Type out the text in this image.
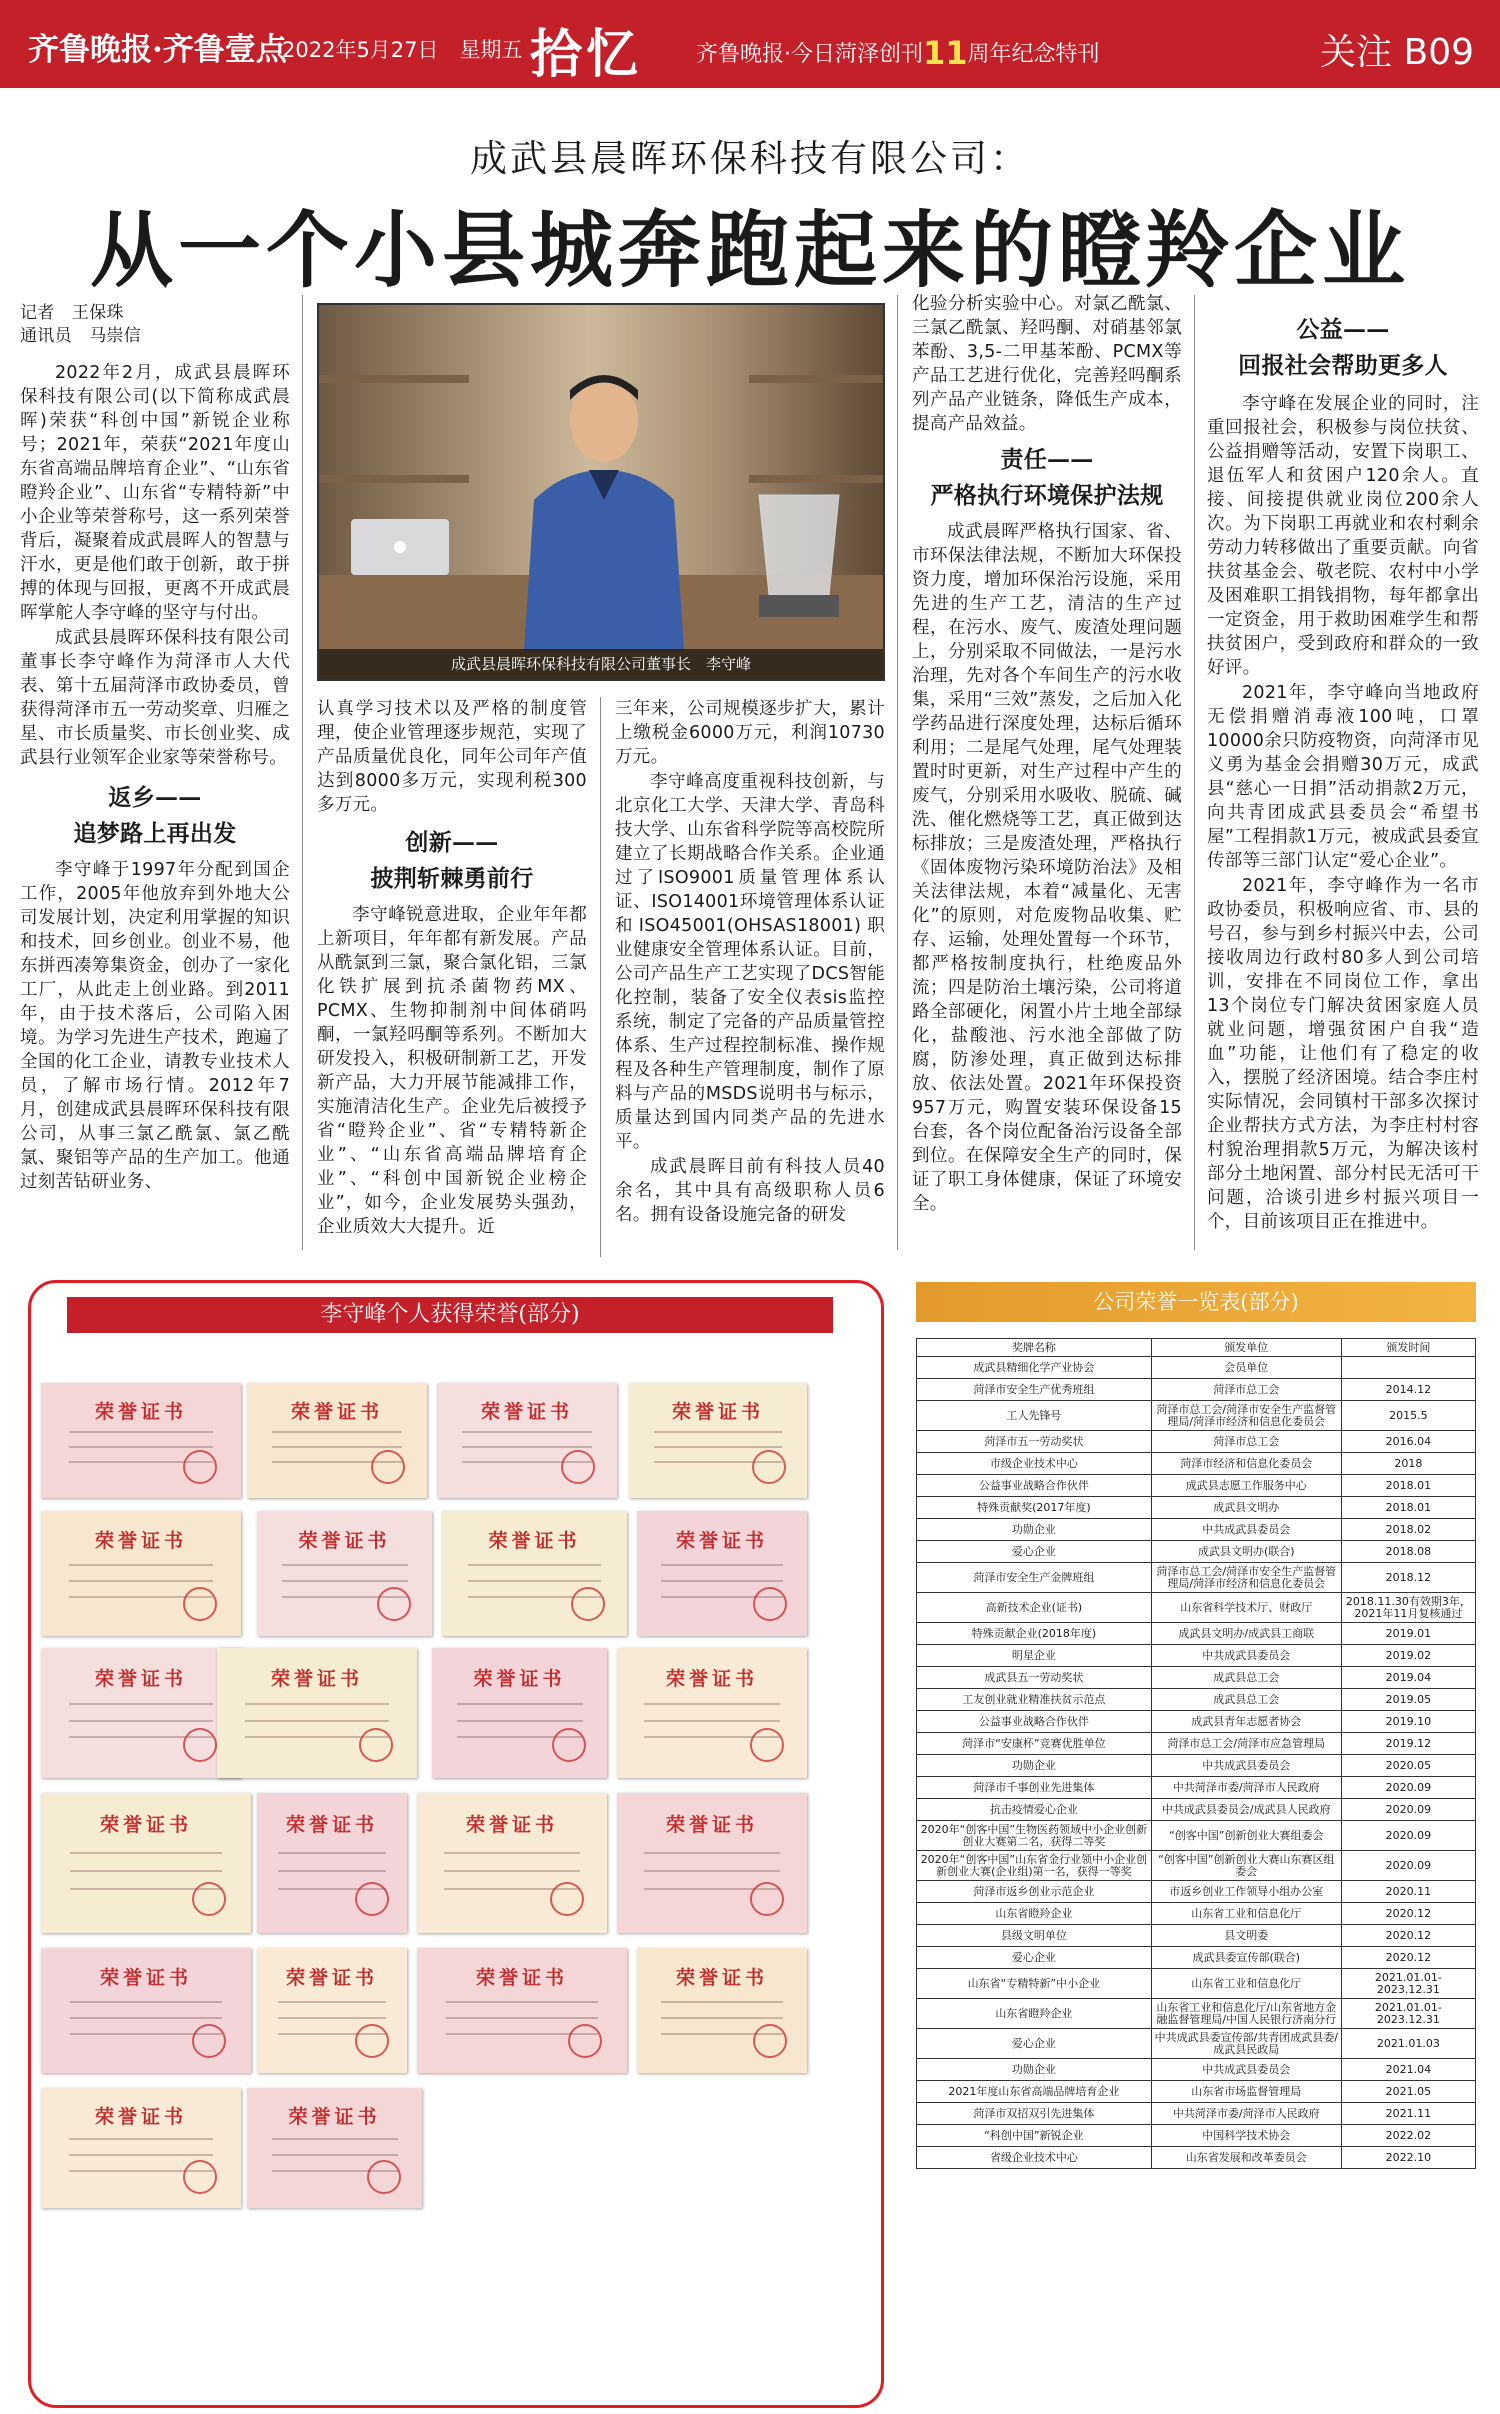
齐鲁晚报·齐鲁壹点
2022年5月27日　星期五 拾忆 齐鲁晚报·今日菏泽创刊11周年纪念特刊	关注 B09
成武县晨晖环保科技有限公司：
从一个小县城奔跑起来的瞪羚企业

记者　王保珠

通讯员　马崇信

2022年2月，成武县晨晖环保科技有限公司(以下简称成武晨晖)荣获“科创中国”新锐企业称号；2021年，荣获“2021年度山东省高端品牌培育企业”、“山东省瞪羚企业”、山东省“专精特新”中小企业等荣誉称号，这一系列荣誉背后，凝聚着成武晨晖人的智慧与汗水，更是他们敢于创新，敢于拼搏的体现与回报，更离不开成武晨晖掌舵人李守峰的坚守与付出。

成武县晨晖环保科技有限公司董事长李守峰作为菏泽市人大代表、第十五届菏泽市政协委员，曾获得菏泽市五一劳动奖章、归雁之星、市长质量奖、市长创业奖、成武县行业领军企业家等荣誉称号。

返乡——
追梦路上再出发

李守峰于1997年分配到国企工作，2005年他放弃到外地大公司发展计划，决定利用掌握的知识和技术，回乡创业。创业不易，他东拼西凑筹集资金，创办了一家化工厂，从此走上创业路。到2011年，由于技术落后，公司陷入困境。为学习先进生产技术，跑遍了全国的化工企业，请教专业技术人员，了解市场行情。2012年7月，创建成武县晨晖环保科技有限公司，从事三氯乙酰氯、氯乙酰氯、聚铝等产品的生产加工。他通过刻苦钻研业务、

成武县晨晖环保科技有限公司董事长　李守峰

认真学习技术以及严格的制度管理，使企业管理逐步规范，实现了产品质量优良化，同年公司年产值达到8000多万元，实现利税300多万元。

创新——
披荆斩棘勇前行

李守峰锐意进取，企业年年都上新项目，年年都有新发展。产品从酰氯到三氯，聚合氯化铝，三氯化铁扩展到抗杀菌物药MX、PCMX、生物抑制剂中间体硝吗酮，一氯羟吗酮等系列。不断加大研发投入，积极研制新工艺，开发新产品，大力开展节能减排工作，实施清洁化生产。企业先后被授予省“瞪羚企业”、省“专精特新企业”、“山东省高端品牌培育企业”、“科创中国新锐企业榜企业”，如今，企业发展势头强劲，企业质效大大提升。近

三年来，公司规模逐步扩大，累计上缴税金6000万元，利润10730万元。

李守峰高度重视科技创新，与北京化工大学、天津大学、青岛科技大学、山东省科学院等高校院所建立了长期战略合作关系。企业通过了ISO9001质量管理体系认证、ISO14001环境管理体系认证和ISO45001(OHSAS18001)职业健康安全管理体系认证。目前，公司产品生产工艺实现了DCS智能化控制，装备了安全仪表sis监控系统，制定了完备的产品质量管控体系、生产过程控制标准、操作规程及各种生产管理制度，制作了原料与产品的MSDS说明书与标示，质量达到国内同类产品的先进水平。

成武晨晖目前有科技人员40余名，其中具有高级职称人员6名。拥有设备设施完备的研发

化验分析实验中心。对氯乙酰氯、三氯乙酰氯、羟吗酮、对硝基邻氯苯酚、3,5-二甲基苯酚、PCMX等产品工艺进行优化，完善羟吗酮系列产品产业链条，降低生产成本，提高产品效益。

责任——
严格执行环境保护法规

成武晨晖严格执行国家、省、市环保法律法规，不断加大环保投资力度，增加环保治污设施，采用先进的生产工艺，清洁的生产过程，在污水、废气、废渣处理问题上，分别采取不同做法，一是污水治理，先对各个车间生产的污水收集，采用“三效”蒸发，之后加入化学药品进行深度处理，达标后循环利用；二是尾气处理，尾气处理装置时时更新，对生产过程中产生的废气，分别采用水吸收、脱硫、碱洗、催化燃烧等工艺，真正做到达标排放；三是废渣处理，严格执行《固体废物污染环境防治法》及相关法律法规，本着“减量化、无害化”的原则，对危废物品收集、贮存、运输，处理处置每一个环节，都严格按制度执行，杜绝废品外流；四是防治土壤污染，公司将道路全部硬化，闲置小片土地全部绿化，盐酸池、污水池全部做了防腐，防渗处理，真正做到达标排放、依法处置。2021年环保投资957万元，购置安装环保设备15台套，各个岗位配备治污设备全部到位。在保障安全生产的同时，保证了职工身体健康，保证了环境安全。

公益——
回报社会帮助更多人

李守峰在发展企业的同时，注重回报社会，积极参与岗位扶贫、公益捐赠等活动，安置下岗职工、退伍军人和贫困户120余人。直接、间接提供就业岗位200余人次。为下岗职工再就业和农村剩余劳动力转移做出了重要贡献。向省扶贫基金会、敬老院、农村中小学及困难职工捐钱捐物，每年都拿出一定资金，用于救助困难学生和帮扶贫困户，受到政府和群众的一致好评。

2021年，李守峰向当地政府无偿捐赠消毒液100吨，口罩10000余只防疫物资，向菏泽市见义勇为基金会捐赠30万元，成武县“慈心一日捐”活动捐款2万元，向共青团成武县委员会“希望书屋”工程捐款1万元，被成武县委宣传部等三部门认定“爱心企业”。

2021年，李守峰作为一名市政协委员，积极响应省、市、县的号召，参与到乡村振兴中去，公司接收周边行政村80多人到公司培训，安排在不同岗位工作，拿出13个岗位专门解决贫困家庭人员就业问题，增强贫困户自我“造血”功能，让他们有了稳定的收入，摆脱了经济困境。结合李庄村实际情况，会同镇村干部多次探讨企业帮扶方式方法，为李庄村村容村貌治理捐款5万元，为解决该村部分土地闲置、部分村民无活可干问题，洽谈引进乡村振兴项目一个，目前该项目正在推进中。

李守峰个人获得荣誉(部分)
荣誉证书	荣誉证书	荣誉证书	荣誉证书
荣誉证书	荣誉证书	荣誉证书	荣誉证书
荣誉证书	荣誉证书	荣誉证书	荣誉证书
荣誉证书	荣誉证书	荣誉证书	荣誉证书
荣誉证书	荣誉证书	荣誉证书	荣誉证书
荣誉证书	荣誉证书
公司荣誉一览表(部分)
奖牌名称	颁发单位	颁发时间
成武县精细化学产业协会	会员单位	
菏泽市安全生产优秀班组	菏泽市总工会	2014.12
工人先锋号	菏泽市总工会/菏泽市安全生产监督管理局/菏泽市经济和信息化委员会	2015.5
菏泽市五一劳动奖状	菏泽市总工会	2016.04
市级企业技术中心	菏泽市经济和信息化委员会	2018
公益事业战略合作伙伴	成武县志愿工作服务中心	2018.01
特殊贡献奖(2017年度)	成武县文明办	2018.01
功勋企业	中共成武县委员会	2018.02
爱心企业	成武县文明办(联合)	2018.08
菏泽市安全生产金牌班组	菏泽市总工会/菏泽市安全生产监督管理局/菏泽市经济和信息化委员会	2018.12
高新技术企业(证书)	山东省科学技术厅、财政厅	2018.11.30有效期3年，2021年11月复核通过
特殊贡献企业(2018年度)	成武县文明办/成武县工商联	2019.01
明星企业	中共成武县委员会	2019.02
成武县五一劳动奖状	成武县总工会	2019.04
工友创业就业精准扶贫示范点	成武县总工会	2019.05
公益事业战略合作伙伴	成武县青年志愿者协会	2019.10
菏泽市“安康杯”竞赛优胜单位	菏泽市总工会/菏泽市应急管理局	2019.12
功勋企业	中共成武县委员会	2020.05
菏泽市千事创业先进集体	中共菏泽市委/菏泽市人民政府	2020.09
抗击疫情爱心企业	中共成武县委员会/成武县人民政府	2020.09
2020年“创客中国”生物医药领域中小企业创新创业大赛第二名，获得二等奖	“创客中国”创新创业大赛组委会	2020.09
2020年“创客中国”山东省金行业领中小企业创新创业大赛(企业组)第一名，获得一等奖	“创客中国”创新创业大赛山东赛区组委会	2020.09
菏泽市返乡创业示范企业	市返乡创业工作领导小组办公室	2020.11
山东省瞪羚企业	山东省工业和信息化厅	2020.12
县级文明单位	县文明委	2020.12
爱心企业	成武县委宣传部(联合)	2020.12
山东省“专精特新”中小企业	山东省工业和信息化厅	2021.01.01-2023.12.31
山东省瞪羚企业	山东省工业和信息化厅/山东省地方金融监督管理局/中国人民银行济南分行	2021.01.01-2023.12.31
爱心企业	中共成武县委宣传部/共青团成武县委/成武县民政局	2021.01.03
功勋企业	中共成武县委员会	2021.04
2021年度山东省高端品牌培育企业	山东省市场监督管理局	2021.05
菏泽市双招双引先进集体	中共菏泽市委/菏泽市人民政府	2021.11
“科创中国”新锐企业	中国科学技术协会	2022.02
省级企业技术中心	山东省发展和改革委员会	2022.10
